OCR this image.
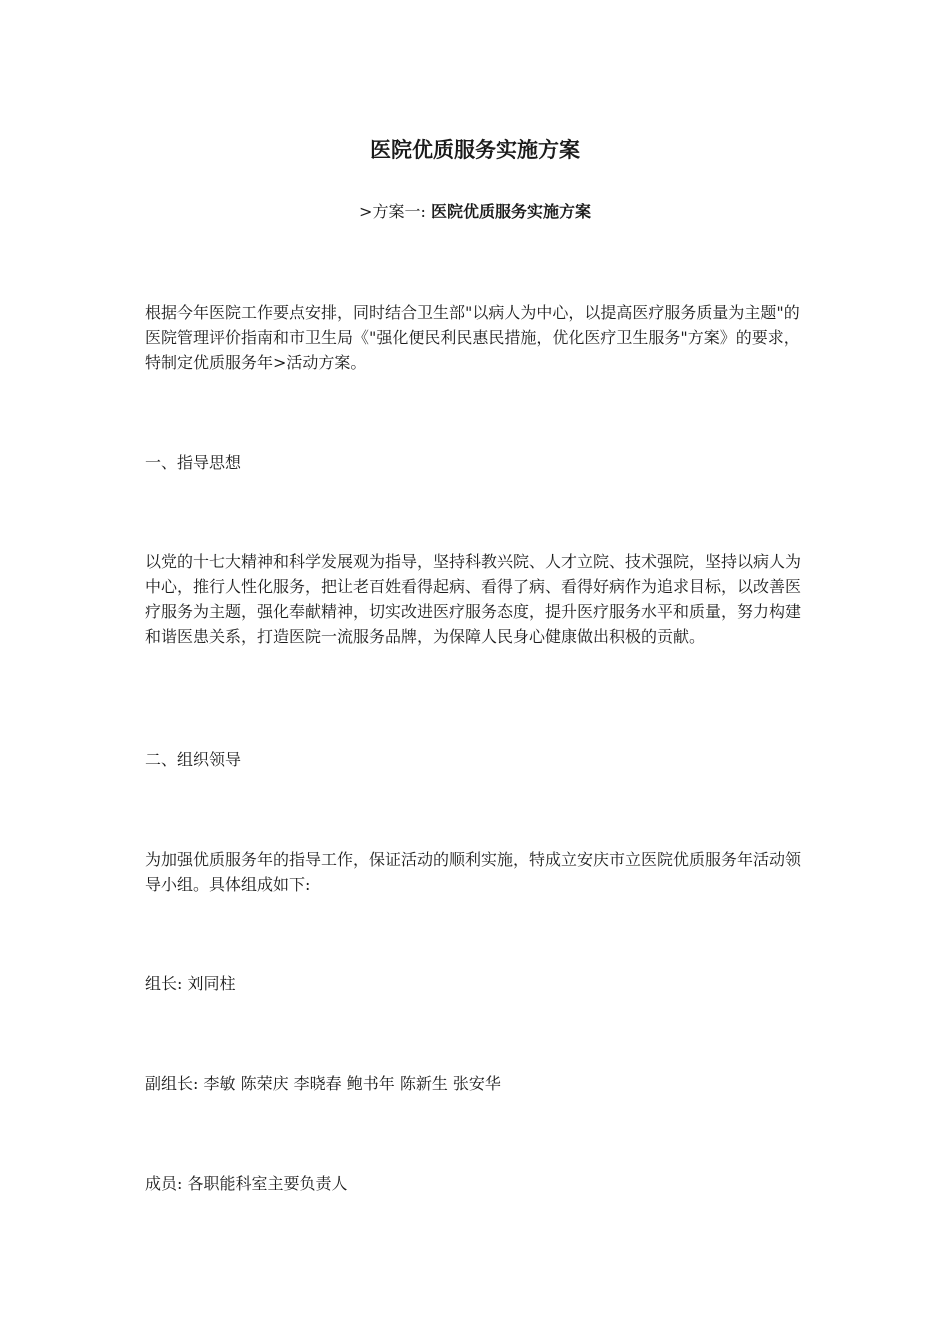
医院优质服务实施方案
>方案一: 医院优质服务实施方案

根据今年医院工作要点安排，同时结合卫生部"以病人为中心，以提高医疗服务质量为主题"的医院管理评价指南和市卫生局《"强化便民利民惠民措施，优化医疗卫生服务"方案》的要求，特制定优质服务年>活动方案。

一、指导思想

以党的十七大精神和科学发展观为指导，坚持科教兴院、人才立院、技术强院，坚持以病人为中心，推行人性化服务，把让老百姓看得起病、看得了病、看得好病作为追求目标，以改善医疗服务为主题，强化奉献精神，切实改进医疗服务态度，提升医疗服务水平和质量，努力构建和谐医患关系，打造医院一流服务品牌，为保障人民身心健康做出积极的贡献。

二、组织领导

为加强优质服务年的指导工作，保证活动的顺利实施，特成立安庆市立医院优质服务年活动领导小组。具体组成如下:

组长: 刘同柱

副组长: 李敏 陈荣庆 李晓春 鲍书年 陈新生 张安华

成员: 各职能科室主要负责人
